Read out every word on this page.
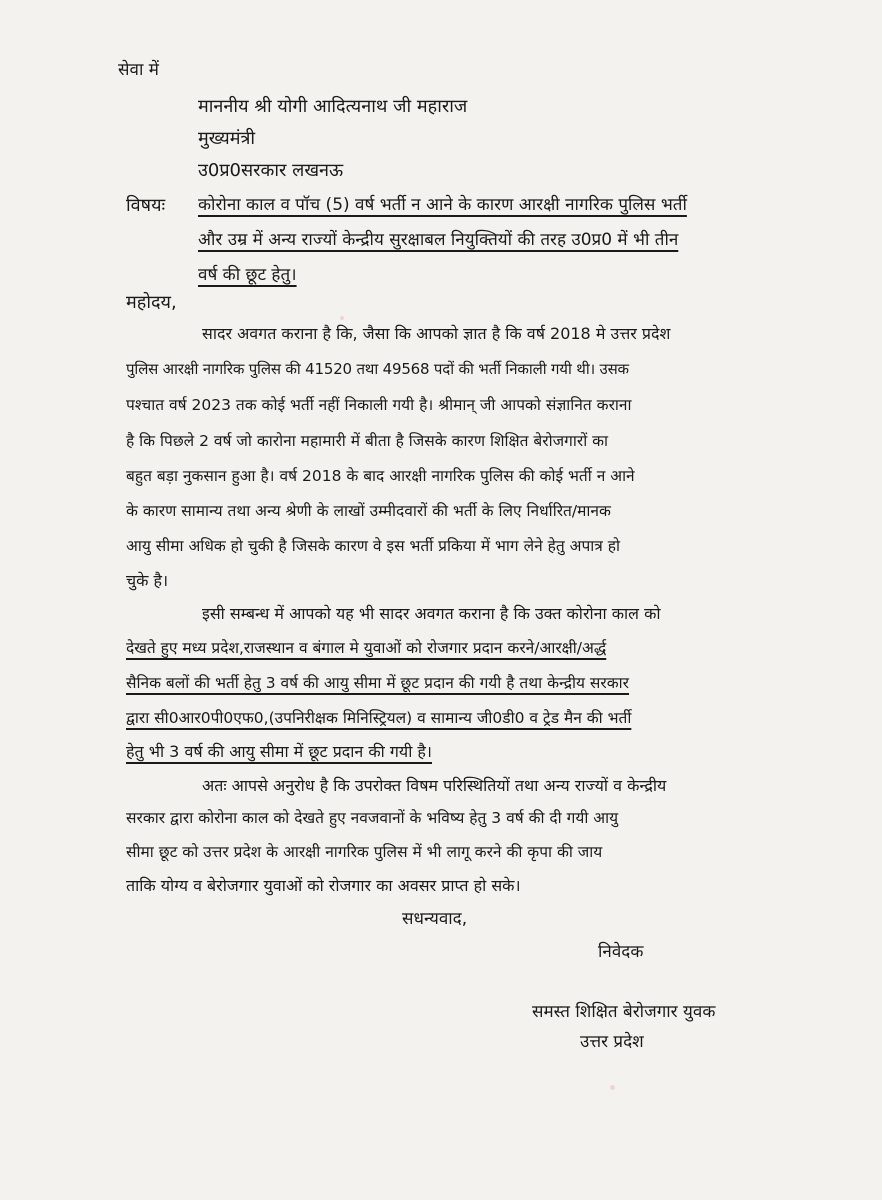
सेवा में
माननीय श्री योगी आदित्यनाथ जी महाराज
मुख्यमंत्री
उ0प्र0सरकार लखनऊ
विषयः कोरोना काल व पॉच (5) वर्ष भर्ती न आने के कारण आरक्षी नागरिक पुलिस भर्ती
और उम्र में अन्य राज्यों केन्द्रीय सुरक्षाबल नियुक्तियों की तरह उ0प्र0 में भी तीन
वर्ष की छूट हेतु।
महोदय,
सादर अवगत कराना है कि, जैसा कि आपको ज्ञात है कि वर्ष 2018 मे उत्तर प्रदेश
पुलिस आरक्षी नागरिक पुलिस की 41520 तथा 49568 पदों की भर्ती निकाली गयी थी। उसक
पश्चात वर्ष 2023 तक कोई भर्ती नहीं निकाली गयी है। श्रीमान् जी आपको संज्ञानित कराना
है कि पिछले 2 वर्ष जो कारोना महामारी में बीता है जिसके कारण शिक्षित बेरोजगारों का
बहुत बड़ा नुकसान हुआ है। वर्ष 2018 के बाद आरक्षी नागरिक पुलिस की कोई भर्ती न आने
के कारण सामान्य तथा अन्य श्रेणी के लाखों उम्मीदवारों की भर्ती के लिए निर्धारित/मानक
आयु सीमा अधिक हो चुकी है जिसके कारण वे इस भर्ती प्रकिया में भाग लेने हेतु अपात्र हो
चुके है।
इसी सम्बन्ध में आपको यह भी सादर अवगत कराना है कि उक्त कोरोना काल को
देखते हुए मध्य प्रदेश,राजस्थान व बंगाल मे युवाओं को रोजगार प्रदान करने/आरक्षी/अर्द्ध
सैनिक बलों की भर्ती हेतु 3 वर्ष की आयु सीमा में छूट प्रदान की गयी है तथा केन्द्रीय सरकार
द्वारा सी0आर0पी0एफ0,(उपनिरीक्षक मिनिस्ट्रियल) व सामान्य जी0डी0 व ट्रेड मैन की भर्ती
हेतु भी 3 वर्ष की आयु सीमा में छूट प्रदान की गयी है।
अतः आपसे अनुरोध है कि उपरोक्त विषम परिस्थितियों तथा अन्य राज्यों व केन्द्रीय
सरकार द्वारा कोरोना काल को देखते हुए नवजवानों के भविष्य हेतु 3 वर्ष की दी गयी आयु
सीमा छूट को उत्तर प्रदेश के आरक्षी नागरिक पुलिस में भी लागू करने की कृपा की जाय
ताकि योग्य व बेरोजगार युवाओं को रोजगार का अवसर प्राप्त हो सके।
सधन्यवाद,
निवेदक
समस्त शिक्षित बेरोजगार युवक
उत्तर प्रदेश
